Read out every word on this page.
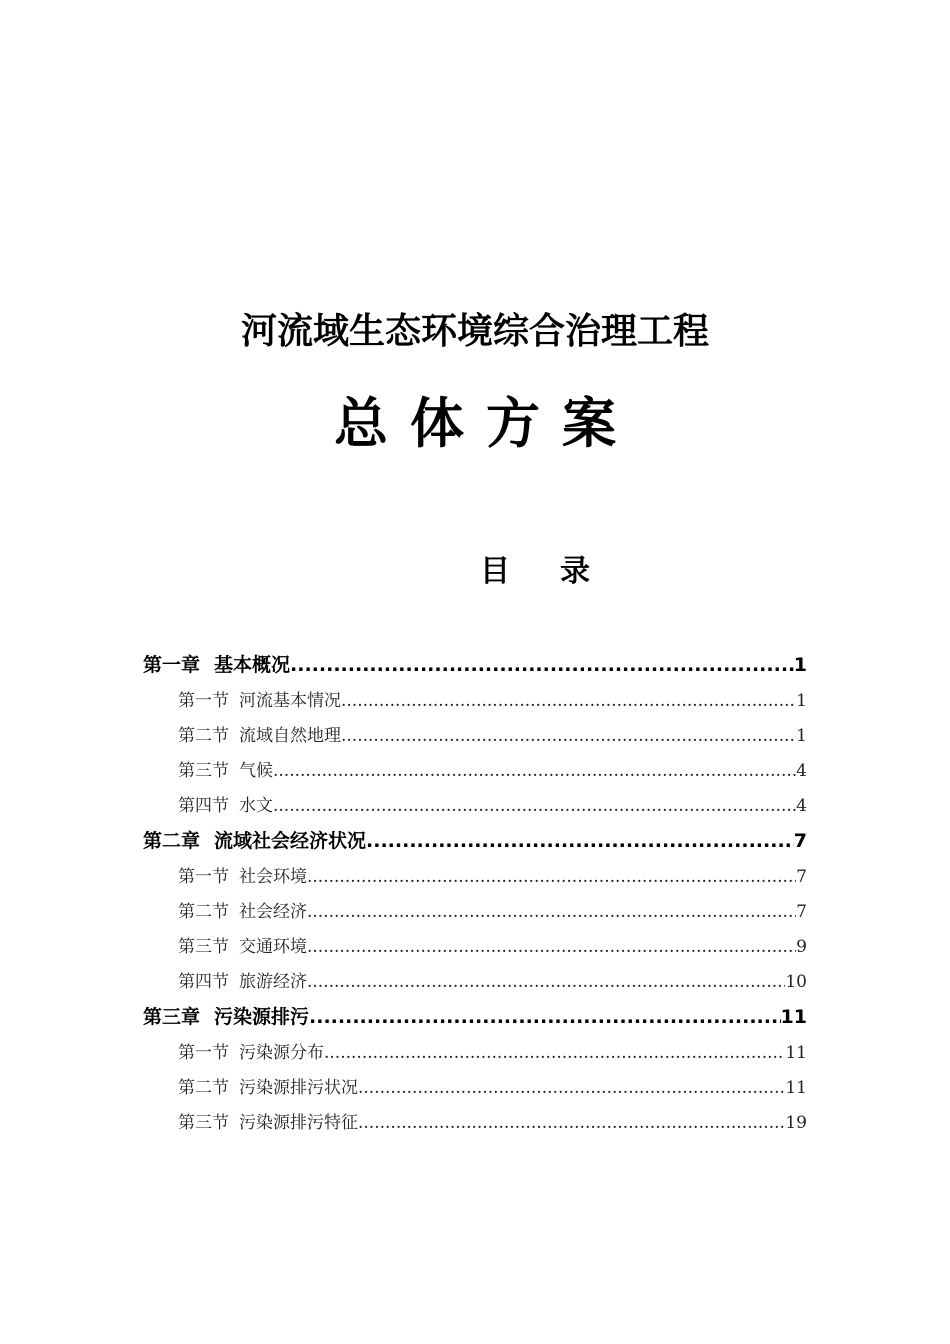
河流域生态环境综合治理工程
总体方案
目 录
第一章 基本概况 .....	1
第一节 河流基本情况 .....	1
第二节 流域自然地理 .....	1
第三节 气候 .....	4
第四节 水文 .....	4
第二章 流域社会经济状况 .....	7
第一节 社会环境 .....	7
第二节 社会经济 .....	7
第三节 交通环境 .....	9
第四节 旅游经济 .....	10
第三章 污染源排污 .....	11
第一节 污染源分布 .....	11
第二节 污染源排污状况 .....	11
第三节 污染源排污特征 .....	19
